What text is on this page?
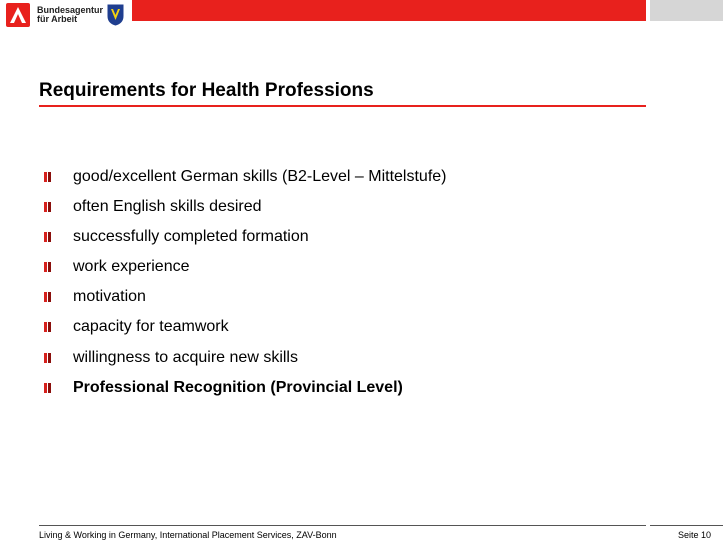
Bundesagentur
für Arbeit
Requirements for Health Professions
good/excellent German skills (B2-Level – Mittelstufe)
often English skills desired
successfully completed formation
work experience
motivation
capacity for teamwork
willingness to acquire new skills
Professional Recognition (Provincial Level)
Living & Working in Germany, International Placement Services, ZAV-Bonn	Seite 10
